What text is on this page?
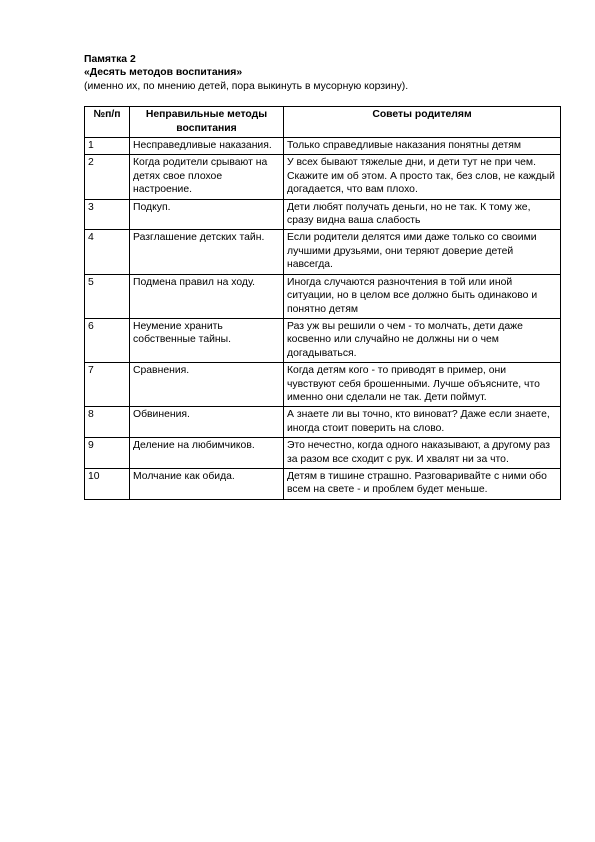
Памятка 2
«Десять методов воспитания»
(именно их, по мнению детей, пора выкинуть в мусорную корзину).
№п/п	Неправильные методы воспитания	Советы родителям
1	Несправедливые наказания.	Только справедливые наказания понятны детям
2	Когда родители срывают на детях свое плохое настроение.	У всех бывают тяжелые дни, и дети тут не при чем. Скажите им об этом. А просто так, без слов, не каждый догадается, что вам плохо.
3	Подкуп.	Дети любят получать деньги, но не так. К тому же, сразу видна ваша слабость
4	Разглашение детских тайн.	Если родители делятся ими даже только со своими лучшими друзьями, они теряют доверие детей навсегда.
5	Подмена правил на ходу.	Иногда случаются разночтения в той или иной ситуации, но в целом все должно быть одинаково и понятно детям
6	Неумение хранить собственные тайны.	Раз уж вы решили о чем - то молчать, дети даже косвенно или случайно не должны ни о чем догадываться.
7	Сравнения.	Когда детям кого - то приводят в пример, они чувствуют себя брошенными. Лучше объясните, что именно они сделали не так. Дети поймут.
8	Обвинения.	А знаете ли вы точно, кто виноват? Даже если знаете, иногда стоит поверить на слово.
9	Деление на любимчиков.	Это нечестно, когда одного наказывают, а другому раз за разом все сходит с рук. И хвалят ни за что.
10	Молчание как обида.	Детям в тишине страшно. Разговаривайте с ними обо всем на свете - и проблем будет меньше.
